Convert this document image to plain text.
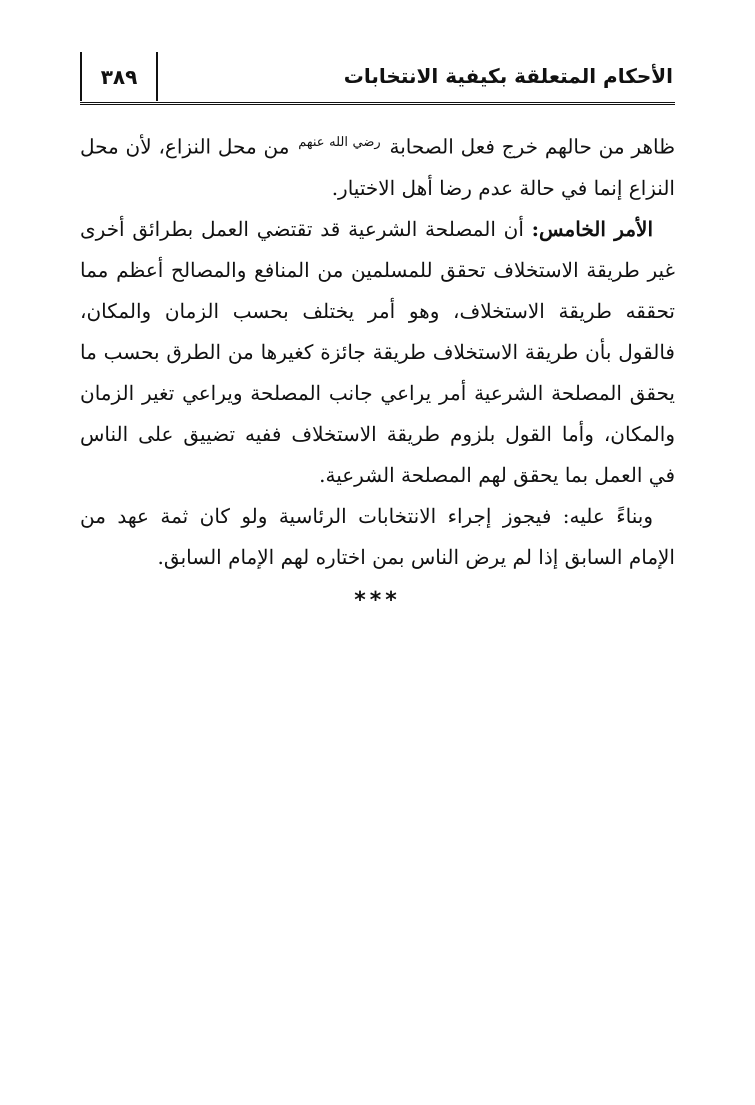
٣٨٩	الأحكام المتعلقة بكيفية الانتخابات

ظاهر من حالهم خرج فعل الصحابة $^{رضي الله عنهم}$ من محل النزاع، لأن محل النزاع إنما في حالة عدم رضا أهل الاختيار.

الأمر الخامس: أن المصلحة الشرعية قد تقتضي العمل بطرائق أخرى غير طريقة الاستخلاف تحقق للمسلمين من المنافع والمصالح أعظم مما تحققه طريقة الاستخلاف، وهو أمر يختلف بحسب الزمان والمكان، فالقول بأن طريقة الاستخلاف طريقة جائزة كغيرها من الطرق بحسب ما يحقق المصلحة الشرعية أمر يراعي جانب المصلحة ويراعي تغير الزمان والمكان، وأما القول بلزوم طريقة الاستخلاف ففيه تضييق على الناس في العمل بما يحقق لهم المصلحة الشرعية.

وبناءً عليه: فيجوز إجراء الانتخابات الرئاسية ولو كان ثمة عهد من الإمام السابق إذا لم يرض الناس بمن اختاره لهم الإمام السابق.

***
